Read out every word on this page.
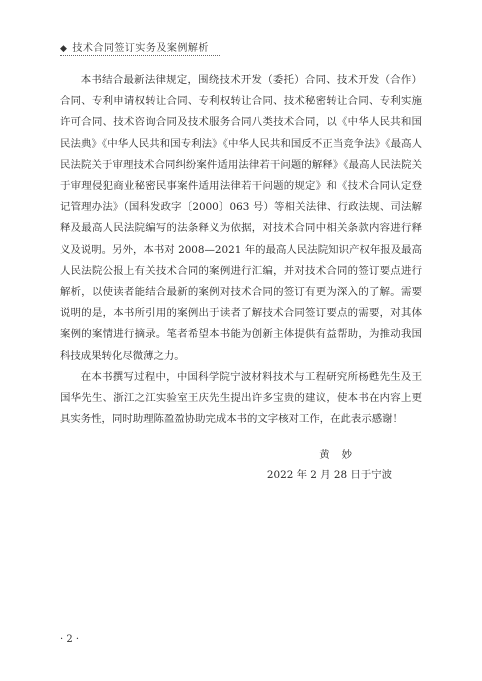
◆ 技术合同签订实务及案例解析

本书结合最新法律规定，围绕技术开发（委托）合同、技术开发（合作）合同、专利申请权转让合同、专利权转让合同、技术秘密转让合同、专利实施许可合同、技术咨询合同及技术服务合同八类技术合同，以《中华人民共和国民法典》《中华人民共和国专利法》《中华人民共和国反不正当竞争法》《最高人民法院关于审理技术合同纠纷案件适用法律若干问题的解释》《最高人民法院关于审理侵犯商业秘密民事案件适用法律若干问题的规定》和《技术合同认定登记管理办法》（国科发政字〔2000〕063 号）等相关法律、行政法规、司法解释及最高人民法院编写的法条释义为依据，对技术合同中相关条款内容进行释义及说明。另外，本书对 2008—2021 年的最高人民法院知识产权年报及最高人民法院公报上有关技术合同的案例进行汇编，并对技术合同的签订要点进行解析，以使读者能结合最新的案例对技术合同的签订有更为深入的了解。需要说明的是，本书所引用的案例出于读者了解技术合同签订要点的需要，对其体案例的案情进行摘录。笔者希望本书能为创新主体提供有益帮助，为推动我国科技成果转化尽微薄之力。

在本书撰写过程中，中国科学院宁波材料技术与工程研究所杨甦先生及王国华先生、浙江之江实验室王庆先生提出许多宝贵的建议，使本书在内容上更具实务性，同时助理陈盈盈协助完成本书的文字核对工作，在此表示感谢！

黄妙
2022 年 2 月 28 日于宁波
· 2 ·
